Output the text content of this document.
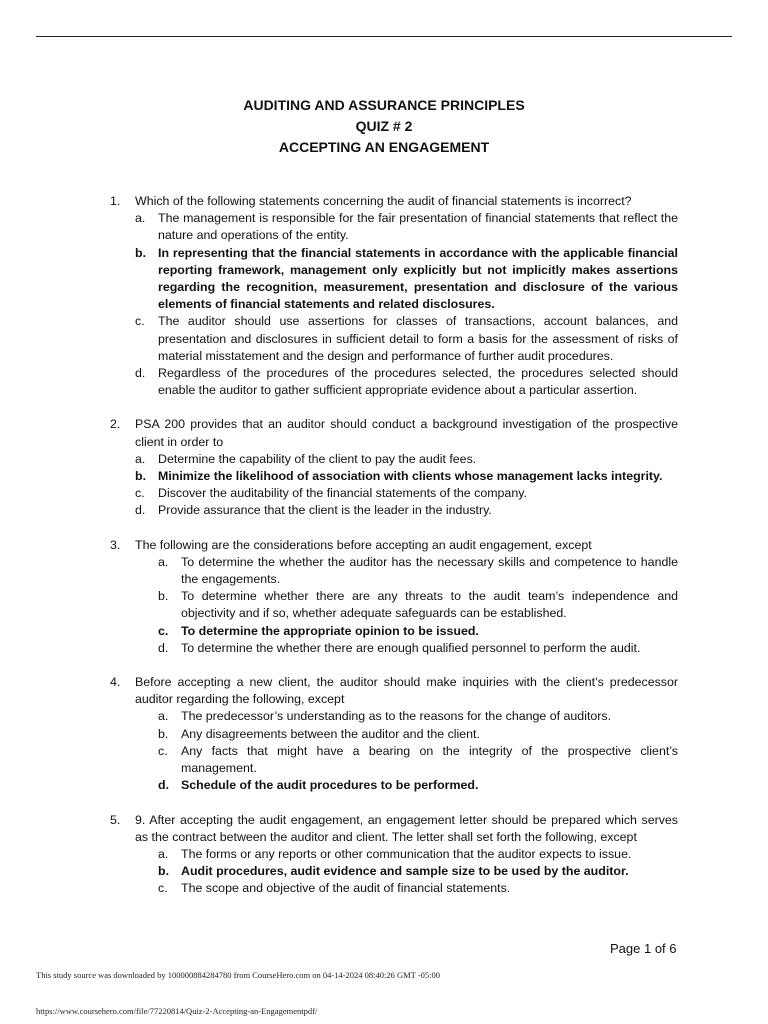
AUDITING AND ASSURANCE PRINCIPLES
QUIZ # 2
ACCEPTING AN ENGAGEMENT
1.	Which of the following statements concerning the audit of financial statements is incorrect?
a.	The management is responsible for the fair presentation of financial statements that reflect the nature and operations of the entity.
b. In representing that the financial statements in accordance with the applicable financial reporting framework, management only explicitly but not implicitly makes assertions regarding the recognition, measurement, presentation and disclosure of the various elements of financial statements and related disclosures.
c.	The auditor should use assertions for classes of transactions, account balances, and presentation and disclosures in sufficient detail to form a basis for the assessment of risks of material misstatement and the design and performance of further audit procedures.
d.	Regardless of the procedures of the procedures selected, the procedures selected should enable the auditor to gather sufficient appropriate evidence about a particular assertion.
2.	PSA 200 provides that an auditor should conduct a background investigation of the prospective client in order to
a.	Determine the capability of the client to pay the audit fees.
b. Minimize the likelihood of association with clients whose management lacks integrity.
c.	Discover the auditability of the financial statements of the company.
d.	Provide assurance that the client is the leader in the industry.
3.	The following are the considerations before accepting an audit engagement, except
a.	To determine the whether the auditor has the necessary skills and competence to handle the engagements.
b.	To determine whether there are any threats to the audit team’s independence and objectivity and if so, whether adequate safeguards can be established.
c.	To determine the appropriate opinion to be issued.
d.	To determine the whether there are enough qualified personnel to perform the audit.
4.	Before accepting a new client, the auditor should make inquiries with the client’s predecessor auditor regarding the following, except
a.	The predecessor’s understanding as to the reasons for the change of auditors.
b.	Any disagreements between the auditor and the client.
c.	Any facts that might have a bearing on the integrity of the prospective client’s management.
d. Schedule of the audit procedures to be performed.
5.	9. After accepting the audit engagement, an engagement letter should be prepared which serves as the contract between the auditor and client. The letter shall set forth the following, except
a.	The forms or any reports or other communication that the auditor expects to issue.
b. Audit procedures, audit evidence and sample size to be used by the auditor.
c.	The scope and objective of the audit of financial statements.
Page 1 of 6
This study source was downloaded by 100000884284780 from CourseHero.com on 04-14-2024 08:40:26 GMT -05:00
https://www.coursehero.com/file/77220814/Quiz-2-Accepting-an-Engagementpdf/
